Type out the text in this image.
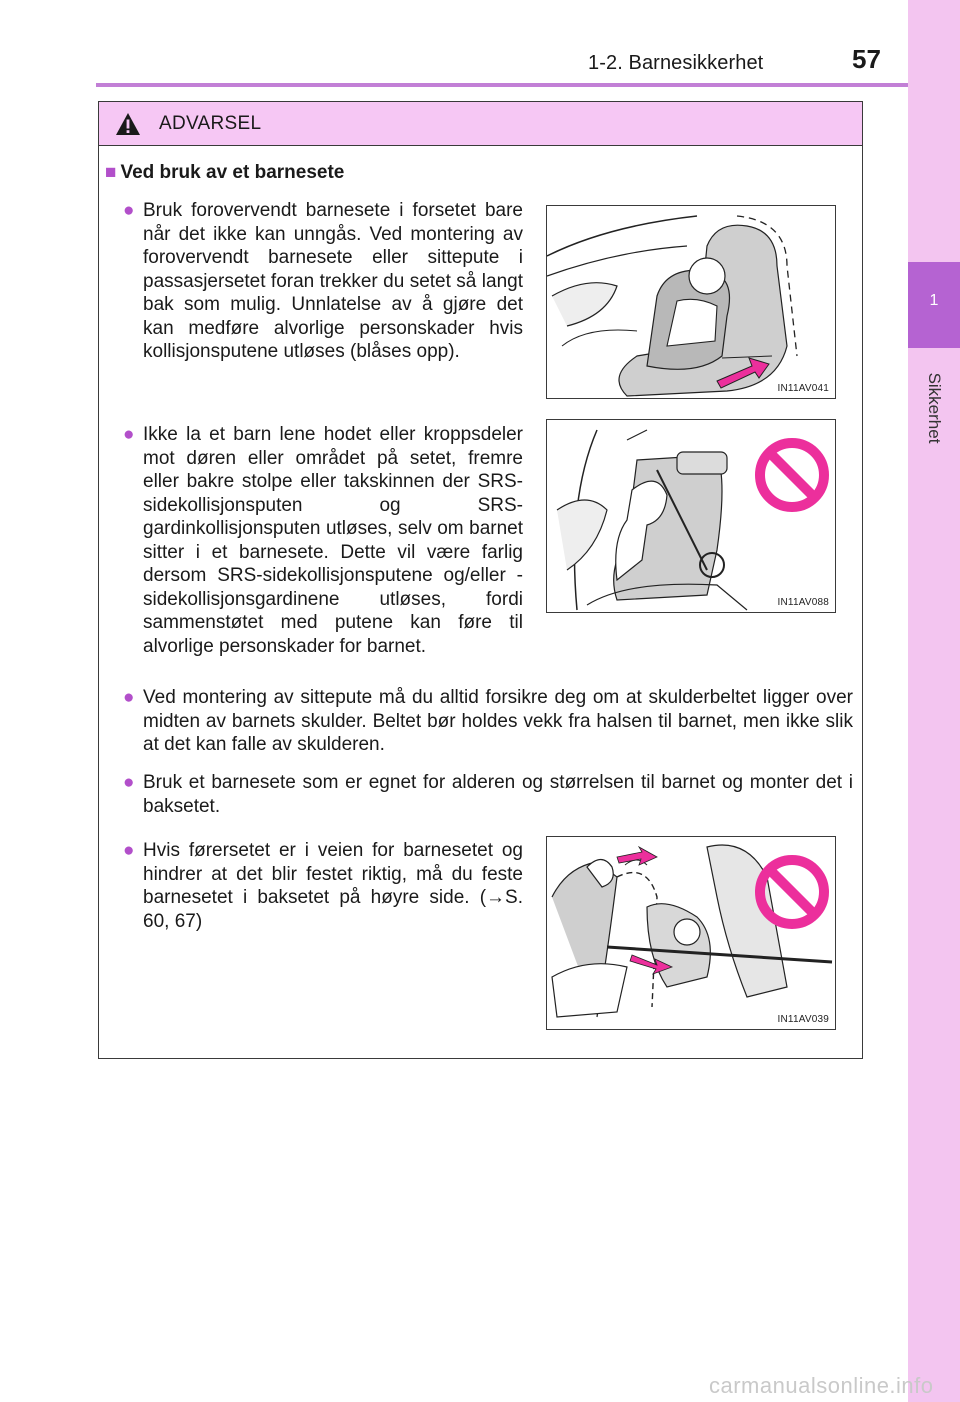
1-2. Barnesikkerhet	57
1
Sikkerhet
ADVARSEL
■ Ved bruk av et barnesete
● Bruk forovervendt barnesete i forsetet bare når det ikke kan unngås. Ved montering av forovervendt barnesete eller sittepute i passasjersetet foran trekker du setet så langt bak som mulig. Unnlatelse av å gjøre det kan medføre alvorlige personskader hvis kollisjonsputene utløses (blåses opp).

● Ikke la et barn lene hodet eller kroppsdeler mot døren eller området på setet, fremre eller bakre stolpe eller takskinnen der SRS-sidekollisjonsputen og SRS-gardinkollisjonsputen utløses, selv om barnet sitter i et barnesete. Dette vil være farlig dersom SRS-sidekollisjonsputene og/eller -sidekollisjonsgardinene utløses, fordi sammenstøtet med putene kan føre til alvorlige personskader for barnet.

● Ved montering av sittepute må du alltid forsikre deg om at skulderbeltet ligger over midten av barnets skulder. Beltet bør holdes vekk fra halsen til barnet, men ikke slik at det kan falle av skulderen.

● Bruk et barnesete som er egnet for alderen og størrelsen til barnet og monter det i baksetet.

● Hvis førersetet er i veien for barnesetet og hindrer at det blir festet riktig, må du feste barnesetet i baksetet på høyre side. (→S. 60, 67)

IN11AV041
IN11AV088
IN11AV039
carmanualsonline.info
